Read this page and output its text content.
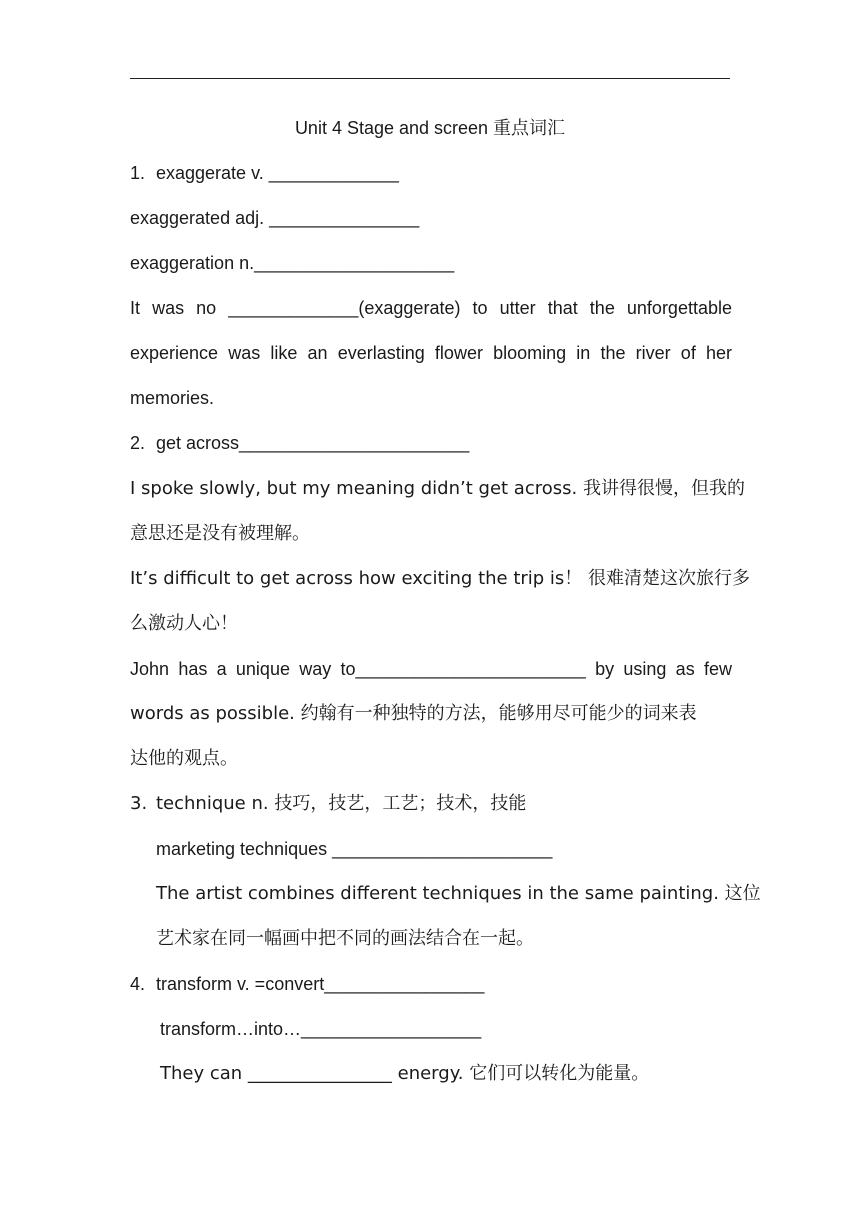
Unit 4 Stage and screen 重点词汇
1. exaggerate v. _____________
exaggerated adj. _______________
exaggeration n.____________________
It was no _____________(exaggerate) to utter that the unforgettable
experience was like an everlasting flower blooming in the river of her
memories.
2. get across_______________________
I spoke slowly, but my meaning didn’t get across. 我讲得很慢，但我的
意思还是没有被理解。
It’s difficult to get across how exciting the trip is！ 很难清楚这次旅行多
么激动人心！
John has a unique way to_______________________ by using as few
words as possible. 约翰有一种独特的方法，能够用尽可能少的词来表
达他的观点。
3. technique n. 技巧，技艺，工艺；技术，技能
marketing techniques ______________________
The artist combines different techniques in the same painting. 这位
艺术家在同一幅画中把不同的画法结合在一起。
4. transform v. =convert________________
transform…into…__________________
They can ________________ energy. 它们可以转化为能量。
